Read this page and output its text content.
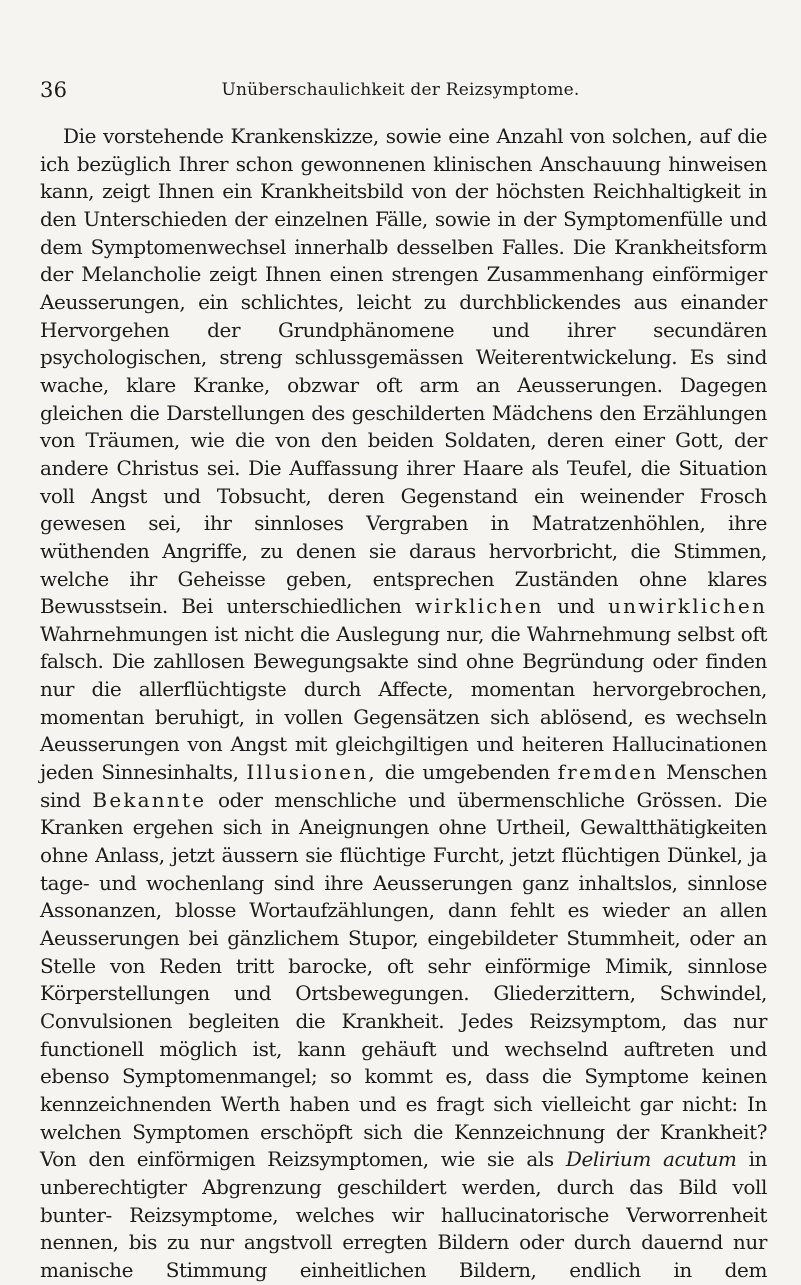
36	Unüberschaulichkeit der Reizsymptome.

Die vorstehende Krankenskizze, sowie eine Anzahl von solchen, auf die ich bezüglich Ihrer schon gewonnenen klinischen Anschauung hinweisen kann, zeigt Ihnen ein Krankheitsbild von der höchsten Reichhaltigkeit in den Unterschieden der einzelnen Fälle, sowie in der Symptomenfülle und dem Symptomenwechsel innerhalb desselben Falles. Die Krankheitsform der Melancholie zeigt Ihnen einen strengen Zusammenhang einförmiger Aeusserungen, ein schlichtes, leicht zu durchblickendes aus einander Hervorgehen der Grundphänomene und ihrer secundären psychologischen, streng schlussgemässen Weiterentwickelung. Es sind wache, klare Kranke, obzwar oft arm an Aeusserungen. Dagegen gleichen die Darstellungen des geschilderten Mädchens den Erzählungen von Träumen, wie die von den beiden Soldaten, deren einer Gott, der andere Christus sei. Die Auffassung ihrer Haare als Teufel, die Situation voll Angst und Tobsucht, deren Gegenstand ein weinender Frosch gewesen sei, ihr sinnloses Vergraben in Matratzenhöhlen, ihre wüthenden Angriffe, zu denen sie daraus hervorbricht, die Stimmen, welche ihr Geheisse geben, entsprechen Zuständen ohne klares Bewusstsein. Bei unterschiedlichen wirklichen und unwirklichen Wahrnehmungen ist nicht die Auslegung nur, die Wahrnehmung selbst oft falsch. Die zahllosen Bewegungsakte sind ohne Begründung oder finden nur die allerflüchtigste durch Affecte, momentan hervorgebrochen, momentan beruhigt, in vollen Gegensätzen sich ablösend, es wechseln Aeusserungen von Angst mit gleichgiltigen und heiteren Hallucinationen jeden Sinnesinhalts, Illusionen, die umgebenden fremden Menschen sind Bekannte oder menschliche und übermenschliche Grössen. Die Kranken ergehen sich in Aneignungen ohne Urtheil, Gewaltthätigkeiten ohne Anlass, jetzt äussern sie flüchtige Furcht, jetzt flüchtigen Dünkel, ja tage- und wochenlang sind ihre Aeusserungen ganz inhaltslos, sinnlose Assonanzen, blosse Wortaufzählungen, dann fehlt es wieder an allen Aeusserungen bei gänzlichem Stupor, eingebildeter Stummheit, oder an Stelle von Reden tritt barocke, oft sehr einförmige Mimik, sinnlose Körperstellungen und Ortsbewegungen. Gliederzittern, Schwindel, Convulsionen begleiten die Krankheit. Jedes Reizsymptom, das nur functionell möglich ist, kann gehäuft und wechselnd auftreten und ebenso Symptomenmangel; so kommt es, dass die Symptome keinen kennzeichnenden Werth haben und es fragt sich vielleicht gar nicht: In welchen Symptomen erschöpft sich die Kennzeichnung der Krankheit? Von den einförmigen Reizsymptomen, wie sie als Delirium acutum in unberechtigter Abgrenzung geschildert werden, durch das Bild voll bunter- Reizsymptome, welches wir hallucinatorische Verworrenheit nennen, bis zu nur angstvoll erregten Bildern oder durch dauernd nur manische Stimmung einheitlichen Bildern, endlich in dem
